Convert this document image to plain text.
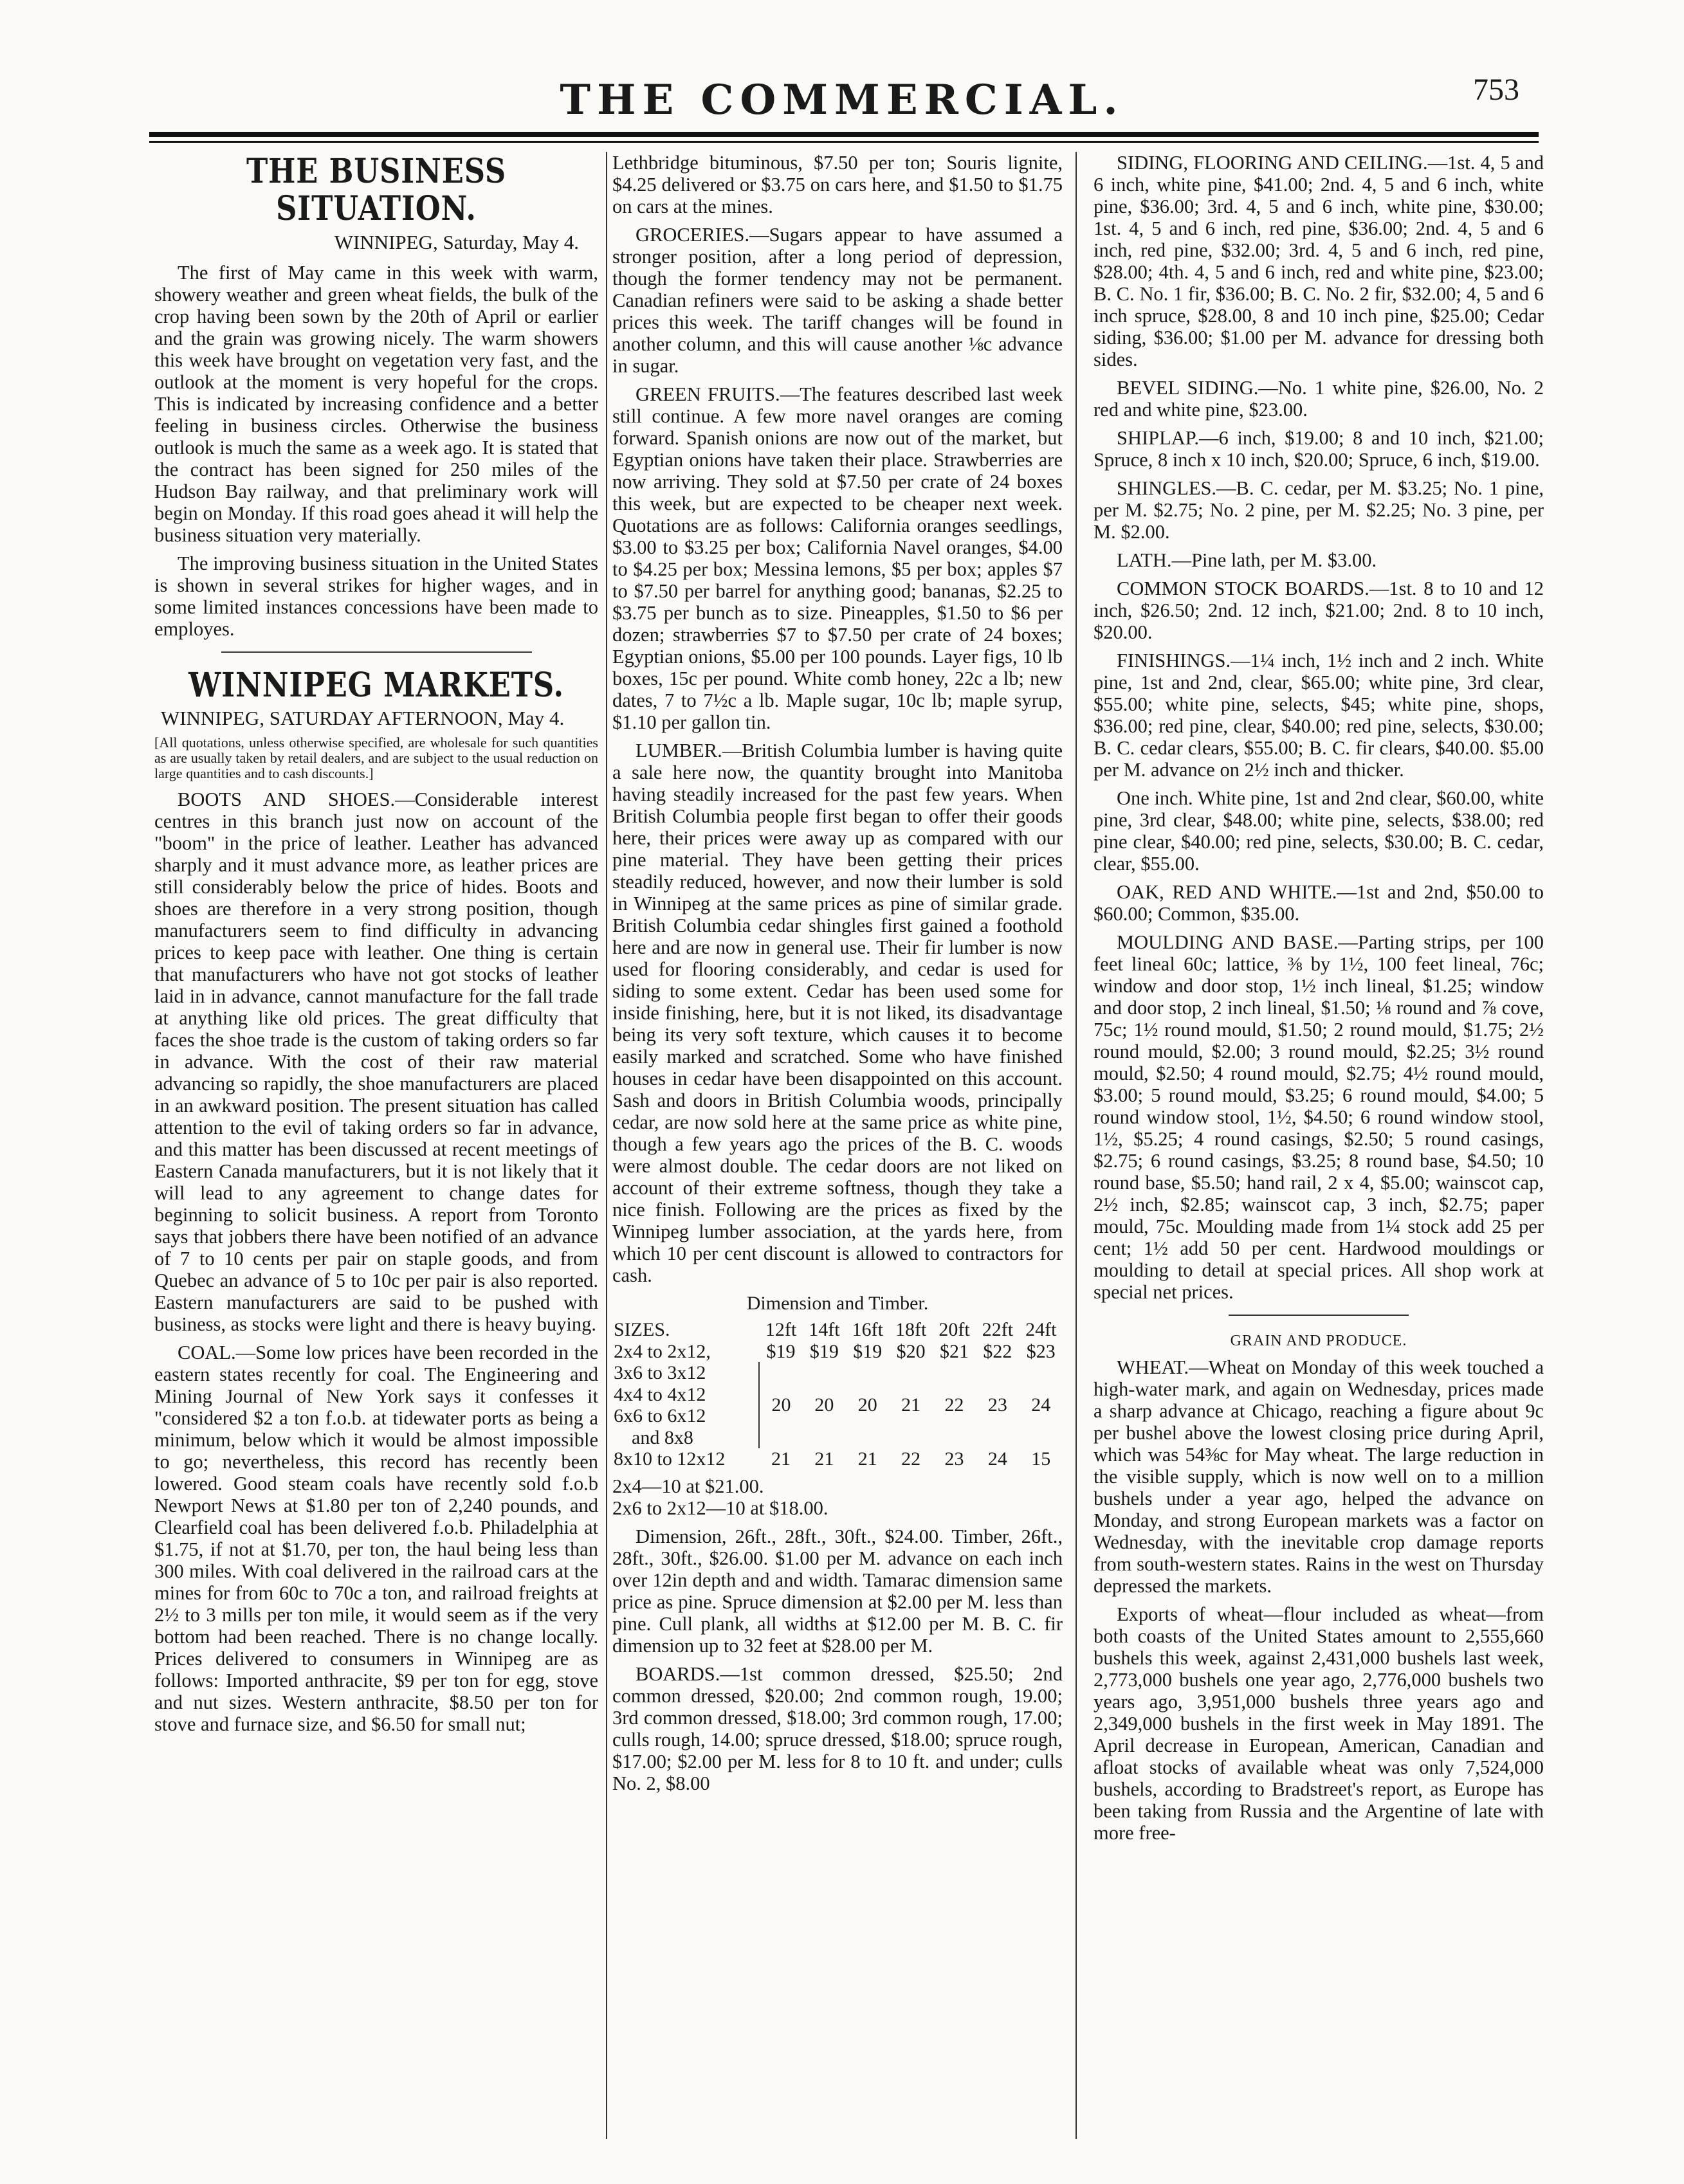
THE COMMERCIAL.	753
THE BUSINESS SITUATION.
WINNIPEG, Saturday, May 4.

The first of May came in this week with warm, showery weather and green wheat fields, the bulk of the crop having been sown by the 20th of April or earlier and the grain was growing nicely. The warm showers this week have brought on vegetation very fast, and the outlook at the moment is very hopeful for the crops. This is indicated by increasing confidence and a better feeling in business circles. Otherwise the business outlook is much the same as a week ago. It is stated that the contract has been signed for 250 miles of the Hudson Bay railway, and that preliminary work will begin on Monday. If this road goes ahead it will help the business situation very materially.

The improving business situation in the United States is shown in several strikes for higher wages, and in some limited instances concessions have been made to employes.

WINNIPEG MARKETS.
WINNIPEG, SATURDAY AFTERNOON, May 4.

[All quotations, unless otherwise specified, are wholesale for such quantities as are usually taken by retail dealers, and are subject to the usual reduction on large quantities and to cash discounts.]

BOOTS AND SHOES.—Considerable interest centres in this branch just now on account of the "boom" in the price of leather. Leather has advanced sharply and it must advance more, as leather prices are still considerably below the price of hides. Boots and shoes are therefore in a very strong position, though manufacturers seem to find difficulty in advancing prices to keep pace with leather. One thing is certain that manufacturers who have not got stocks of leather laid in in advance, cannot manufacture for the fall trade at anything like old prices. The great difficulty that faces the shoe trade is the custom of taking orders so far in advance. With the cost of their raw material advancing so rapidly, the shoe manufacturers are placed in an awkward position. The present situation has called attention to the evil of taking orders so far in advance, and this matter has been discussed at recent meetings of Eastern Canada manufacturers, but it is not likely that it will lead to any agreement to change dates for beginning to solicit business. A report from Toronto says that jobbers there have been notified of an advance of 7 to 10 cents per pair on staple goods, and from Quebec an advance of 5 to 10c per pair is also reported. Eastern manufacturers are said to be pushed with business, as stocks were light and there is heavy buying.

COAL.—Some low prices have been recorded in the eastern states recently for coal. The Engineering and Mining Journal of New York says it confesses it "considered $2 a ton f.o.b. at tidewater ports as being a minimum, below which it would be almost impossible to go; nevertheless, this record has recently been lowered. Good steam coals have recently sold f.o.b Newport News at $1.80 per ton of 2,240 pounds, and Clearfield coal has been delivered f.o.b. Philadelphia at $1.75, if not at $1.70, per ton, the haul being less than 300 miles. With coal delivered in the railroad cars at the mines for from 60c to 70c a ton, and railroad freights at 2½ to 3 mills per ton mile, it would seem as if the very bottom had been reached. There is no change locally. Prices delivered to consumers in Winnipeg are as follows: Imported anthracite, $9 per ton for egg, stove and nut sizes. Western anthracite, $8.50 per ton for stove and furnace size, and $6.50 for small nut;

Lethbridge bituminous, $7.50 per ton; Souris lignite, $4.25 delivered or $3.75 on cars here, and $1.50 to $1.75 on cars at the mines.

GROCERIES.—Sugars appear to have assumed a stronger position, after a long period of depression, though the former tendency may not be permanent. Canadian refiners were said to be asking a shade better prices this week. The tariff changes will be found in another column, and this will cause another ⅛c advance in sugar.

GREEN FRUITS.—The features described last week still continue. A few more navel oranges are coming forward. Spanish onions are now out of the market, but Egyptian onions have taken their place. Strawberries are now arriving. They sold at $7.50 per crate of 24 boxes this week, but are expected to be cheaper next week. Quotations are as follows: California oranges seedlings, $3.00 to $3.25 per box; California Navel oranges, $4.00 to $4.25 per box; Messina lemons, $5 per box; apples $7 to $7.50 per barrel for anything good; bananas, $2.25 to $3.75 per bunch as to size. Pineapples, $1.50 to $6 per dozen; strawberries $7 to $7.50 per crate of 24 boxes; Egyptian onions, $5.00 per 100 pounds. Layer figs, 10 lb boxes, 15c per pound. White comb honey, 22c a lb; new dates, 7 to 7½c a lb. Maple sugar, 10c lb; maple syrup, $1.10 per gallon tin.

LUMBER.—British Columbia lumber is having quite a sale here now, the quantity brought into Manitoba having steadily increased for the past few years. When British Columbia people first began to offer their goods here, their prices were away up as compared with our pine material. They have been getting their prices steadily reduced, however, and now their lumber is sold in Winnipeg at the same prices as pine of similar grade. British Columbia cedar shingles first gained a foothold here and are now in general use. Their fir lumber is now used for flooring considerably, and cedar is used for siding to some extent. Cedar has been used some for inside finishing, here, but it is not liked, its disadvantage being its very soft texture, which causes it to become easily marked and scratched. Some who have finished houses in cedar have been disappointed on this account. Sash and doors in British Columbia woods, principally cedar, are now sold here at the same price as white pine, though a few years ago the prices of the B. C. woods were almost double. The cedar doors are not liked on account of their extreme softness, though they take a nice finish. Following are the prices as fixed by the Winnipeg lumber association, at the yards here, from which 10 per cent discount is allowed to contractors for cash.

Dimension and Timber.
SIZES.	12ft	14ft	16ft	18ft	20ft	22ft	24ft
2x4 to 2x12,	$19	$19	$19	$20	$21	$22	$23

3x6 to 3x12
4x4 to 4x12
6x6 to 6x12
and 8x8	20	20	20	21	22	23	24
8x10 to 12x12	21	21	21	22	23	24	15
2x4—10 at $21.00.
2x6 to 2x12—10 at $18.00.

Dimension, 26ft., 28ft., 30ft., $24.00. Timber, 26ft., 28ft., 30ft., $26.00. $1.00 per M. advance on each inch over 12in depth and and width. Tamarac dimension same price as pine. Spruce dimension at $2.00 per M. less than pine. Cull plank, all widths at $12.00 per M. B. C. fir dimension up to 32 feet at $28.00 per M.

BOARDS.—1st common dressed, $25.50; 2nd common dressed, $20.00; 2nd common rough, 19.00; 3rd common dressed, $18.00; 3rd common rough, 17.00; culls rough, 14.00; spruce dressed, $18.00; spruce rough, $17.00; $2.00 per M. less for 8 to 10 ft. and under; culls No. 2, $8.00

SIDING, FLOORING AND CEILING.—1st. 4, 5 and 6 inch, white pine, $41.00; 2nd. 4, 5 and 6 inch, white pine, $36.00; 3rd. 4, 5 and 6 inch, white pine, $30.00; 1st. 4, 5 and 6 inch, red pine, $36.00; 2nd. 4, 5 and 6 inch, red pine, $32.00; 3rd. 4, 5 and 6 inch, red pine, $28.00; 4th. 4, 5 and 6 inch, red and white pine, $23.00; B. C. No. 1 fir, $36.00; B. C. No. 2 fir, $32.00; 4, 5 and 6 inch spruce, $28.00, 8 and 10 inch pine, $25.00; Cedar siding, $36.00; $1.00 per M. advance for dressing both sides.

BEVEL SIDING.—No. 1 white pine, $26.00, No. 2 red and white pine, $23.00.

SHIPLAP.—6 inch, $19.00; 8 and 10 inch, $21.00; Spruce, 8 inch x 10 inch, $20.00; Spruce, 6 inch, $19.00.

SHINGLES.—B. C. cedar, per M. $3.25; No. 1 pine, per M. $2.75; No. 2 pine, per M. $2.25; No. 3 pine, per M. $2.00.

LATH.—Pine lath, per M. $3.00.

COMMON STOCK BOARDS.—1st. 8 to 10 and 12 inch, $26.50; 2nd. 12 inch, $21.00; 2nd. 8 to 10 inch, $20.00.

FINISHINGS.—1¼ inch, 1½ inch and 2 inch. White pine, 1st and 2nd, clear, $65.00; white pine, 3rd clear, $55.00; white pine, selects, $45; white pine, shops, $36.00; red pine, clear, $40.00; red pine, selects, $30.00; B. C. cedar clears, $55.00; B. C. fir clears, $40.00. $5.00 per M. advance on 2½ inch and thicker.

One inch. White pine, 1st and 2nd clear, $60.00, white pine, 3rd clear, $48.00; white pine, selects, $38.00; red pine clear, $40.00; red pine, selects, $30.00; B. C. cedar, clear, $55.00.

OAK, RED AND WHITE.—1st and 2nd, $50.00 to $60.00; Common, $35.00.

MOULDING AND BASE.—Parting strips, per 100 feet lineal 60c; lattice, ⅜ by 1½, 100 feet lineal, 76c; window and door stop, 1½ inch lineal, $1.25; window and door stop, 2 inch lineal, $1.50; ⅛ round and ⅞ cove, 75c; 1½ round mould, $1.50; 2 round mould, $1.75; 2½ round mould, $2.00; 3 round mould, $2.25; 3½ round mould, $2.50; 4 round mould, $2.75; 4½ round mould, $3.00; 5 round mould, $3.25; 6 round mould, $4.00; 5 round window stool, 1½, $4.50; 6 round window stool, 1½, $5.25; 4 round casings, $2.50; 5 round casings, $2.75; 6 round casings, $3.25; 8 round base, $4.50; 10 round base, $5.50; hand rail, 2 x 4, $5.00; wainscot cap, 2½ inch, $2.85; wainscot cap, 3 inch, $2.75; paper mould, 75c. Moulding made from 1¼ stock add 25 per cent; 1½ add 50 per cent. Hardwood mouldings or moulding to detail at special prices. All shop work at special net prices.

GRAIN AND PRODUCE.

WHEAT.—Wheat on Monday of this week touched a high-water mark, and again on Wednesday, prices made a sharp advance at Chicago, reaching a figure about 9c per bushel above the lowest closing price during April, which was 54⅜c for May wheat. The large reduction in the visible supply, which is now well on to a million bushels under a year ago, helped the advance on Monday, and strong European markets was a factor on Wednesday, with the inevitable crop damage reports from south-western states. Rains in the west on Thursday depressed the markets.

Exports of wheat—flour included as wheat—from both coasts of the United States amount to 2,555,660 bushels this week, against 2,431,000 bushels last week, 2,773,000 bushels one year ago, 2,776,000 bushels two years ago, 3,951,000 bushels three years ago and 2,349,000 bushels in the first week in May 1891. The April decrease in European, American, Canadian and afloat stocks of available wheat was only 7,524,000 bushels, according to Bradstreet's report, as Europe has been taking from Russia and the Argentine of late with more free-
